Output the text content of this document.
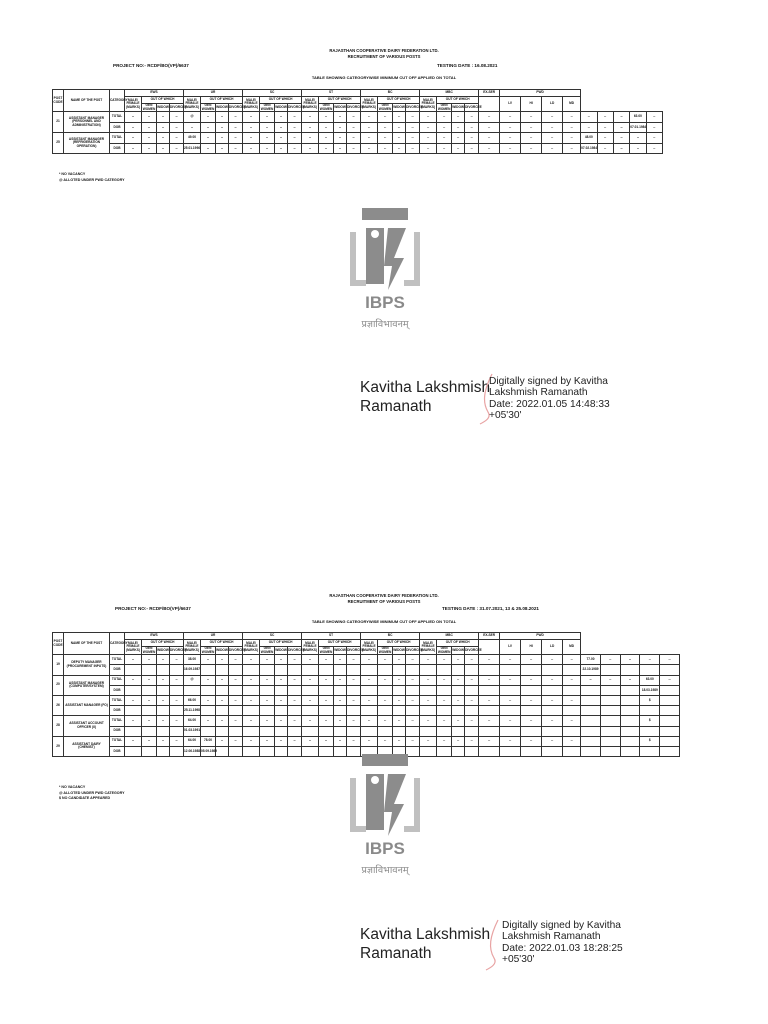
RAJASTHAN COOPERATIVE DAIRY FEDERATION LTD.
RECRUITMENT OF VARIOUS POSTS
PROJECT NO:- RCDF/BO(VP)/6637	TESTING DATE : 16.08.2021
TABLE SHOWING CATEGORYWISE MINIMUM CUT OFF APPLIED ON TOTAL
POST CODE	NAME OF THE POST	CATEGORY	EWS				UR				SC				ST				BC				MBC				EX-SER	PWD								
			MALE/ FEMALE (MARKS)	OUT OF WHICH			MALE/ FEMALE (MARKS)	OUT OF WHICH			MALE/ FEMALE (MARKS)	OUT OF WHICH			MALE/ FEMALE (MARKS)	OUT OF WHICH			MALE/ FEMALE (MARKS)	OUT OF WHICH			MALE/ FEMALE (MARKS)	OUT OF WHICH				LV	HI	LD	MD					
				GEN WOMEN	WIDOW	DIVORCEE		GEN WOMEN	WIDOW	DIVORCEE		GEN WOMEN	WIDOW	DIVORCEE		GEN WOMEN	WIDOW	DIVORCEE		GEN WOMEN	WIDOW	DIVORCEE		GEN WOMEN	WIDOW	DIVORCEE										
21	ASSISTANT MANAGER (PERSONNEL AND ADMINISTRATION)	TOTAL	--	--	--	--	@	--	--	--	--	--	--	--	--	--	--	--	--	--	--	--	--	--	--	--	--	--	--	--	--	--	--	--	63.00	--
		DOB	--	--	--	--	--	--	--	--	--	--	--	--	--	--	--	--	--	--	--	--	--	--	--	--	--	--	--	--	--	--	--	--	07.01.1984	--
25	ASSISTANT MANAGER (REFRIGERATION OPERATION)	TOTAL	--	--	--	--	49.00	--	--	--	--	--	--	--	--	--	--	--	--	--	--	--	--	--	--	--	--	--	--	--	--	48.00	--	--	--	--
		DOB	--	--	--	--	25.01.1996	--	--	--	--	--	--	--	--	--	--	--	--	--	--	--	--	--	--	--	--	--	--	--	--	07.02.1984	--	--	--	--
* NO VACANCY
@ ALLOTED UNDER PWD CATEGORY
IBPS
प्रज्ञाविभावनम्
Kavitha Lakshmish Ramanath
Digitally signed by Kavitha
Lakshmish Ramanath
Date: 2022.01.05 14:48:33
+05'30'
RAJASTHAN COOPERATIVE DAIRY FEDERATION LTD.
RECRUITMENT OF VARIOUS POSTS
PROJECT NO:- RCDF/BO(VP)/6637	TESTING DATE : 31.07.2021, 13 & 25.08.2021
TABLE SHOWING CATEGORYWISE MINIMUM CUT OFF APPLIED ON TOTAL
POST CODE	NAME OF THE POST	CATEGORY	EWS				UR				SC				ST				BC				MBC				EX-SER	PWD								
			MALE/ FEMALE (MARKS)	OUT OF WHICH			MALE/ FEMALE (MARKS)	OUT OF WHICH			MALE/ FEMALE (MARKS)	OUT OF WHICH			MALE/ FEMALE (MARKS)	OUT OF WHICH			MALE/ FEMALE (MARKS)	OUT OF WHICH			MALE/ FEMALE (MARKS)	OUT OF WHICH				LV	HI	LD	MD					
				GEN WOMEN	WIDOW	DIVORCEE		GEN WOMEN	WIDOW	DIVORCEE		GEN WOMEN	WIDOW	DIVORCEE		GEN WOMEN	WIDOW	DIVORCEE		GEN WOMEN	WIDOW	DIVORCEE		GEN WOMEN	WIDOW	DIVORCEE										
19	DEPUTY MANAGER (PROCUREMENT INPUTS)	TOTAL	--	--	--	--	38.00	--	--	--	--	--	--	--	--	--	--	--	--	--	--	--	--	--	--	--	--	--	--	--	--	77.00	--	--	--	--
		DOB					16.09.1987																									22.10.1989				
20	ASSISTANT MANAGER (COMPUTER/SYSTEM)	TOTAL	--	--	--	--	@	--	--	--	--	--	--	--	--	--	--	--	--	--	--	--	--	--	--	--	--	--	--	--	--	--	--	--	63.00	--
		DOB																																	18.03.1989	
26	ASSISTANT MANAGER (FO)	TOTAL	--	--	--	--	66.00	--	--	--	--	--	--	--	--	--	--	--	--	--	--	--	--	--	--	--	--	--	--	--	--				$	
		DOB					25.11.1998																													
28	ASSISTANT ACCOUNT OFFICER (II)	TOTAL	--	--	--	--	64.00	--	--	--	--	--	--	--	--	--	--	--	--	--	--	--	--	--	--	--	--	--	--	--	--				$	
		DOB					01.03.1991																													
29	ASSISTANT DAIRY (CHEMIST)	TOTAL	--	--	--	--	64.00	78.00	--	--	--	--	--	--	--	--	--	--	--	--	--	--	--	--	--	--	--	--	--	--	--				$	
		DOB					12.06.1988	05.09.1989																												
* NO VACANCY
@ ALLOTED UNDER PWD CATEGORY
$ NO CANDIDATE APPEARED
IBPS
प्रज्ञाविभावनम्
Kavitha Lakshmish Ramanath
Digitally signed by Kavitha
Lakshmish Ramanath
Date: 2022.01.03 18:28:25
+05'30'
